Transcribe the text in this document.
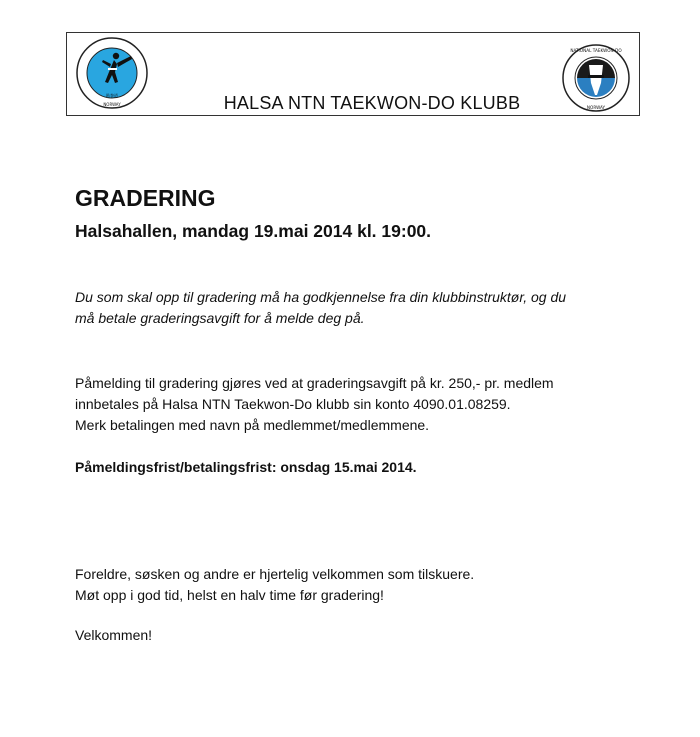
跆拳道
NORWAY	HALSA NTN TAEKWON-DO KLUBB
NATIONAL TAEKWON-DO
NORWAY
GRADERING
Halsahallen, mandag 19.mai 2014 kl. 19:00.
Du som skal opp til gradering må ha godkjennelse fra din klubbinstruktør, og du
må betale graderingsavgift for å melde deg på.
Påmelding til gradering gjøres ved at graderingsavgift på kr. 250,- pr. medlem
innbetales på Halsa NTN Taekwon-Do klubb sin konto 4090.01.08259.
Merk betalingen med navn på medlemmet/medlemmene.
Påmeldingsfrist/betalingsfrist: onsdag 15.mai 2014.
Foreldre, søsken og andre er hjertelig velkommen som tilskuere.
Møt opp i god tid, helst en halv time før gradering!
Velkommen!
